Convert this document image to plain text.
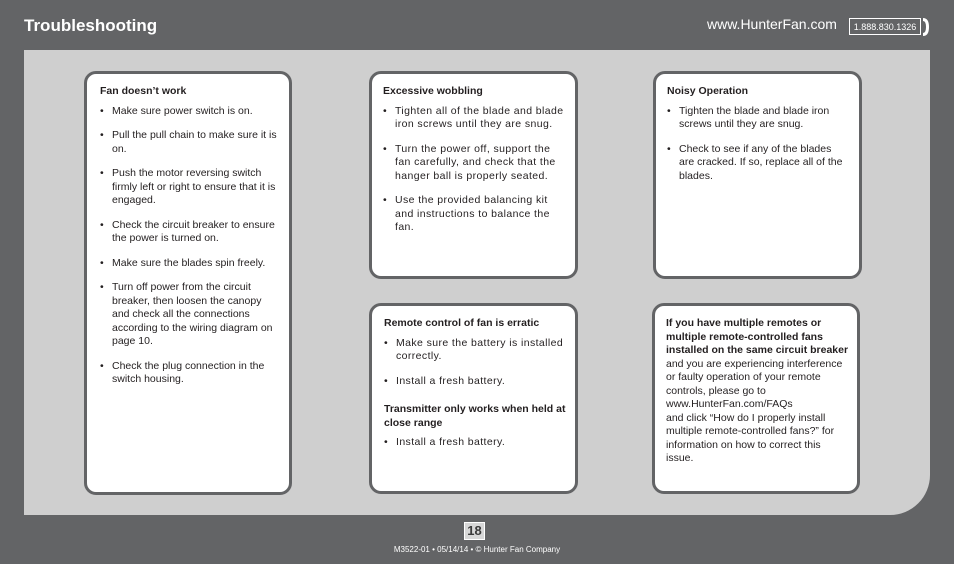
Troubleshooting	www.HunterFan.com	1.888.830.1326
Fan doesn’t work
• Make sure power switch is on.
• Pull the pull chain to make sure it is on.
• Push the motor reversing switch firmly left or right to ensure that it is engaged.
• Check the circuit breaker to ensure the power is turned on.
• Make sure the blades spin freely.
• Turn off power from the circuit breaker, then loosen the canopy and check all the connections according to the wiring diagram on page 10.
• Check the plug connection in the switch housing.
Excessive wobbling
• Tighten all of the blade and blade iron screws until they are snug.
• Turn the power off, support the fan carefully, and check that the hanger ball is properly seated.
• Use the provided balancing kit and instructions to balance the fan.
Noisy Operation
• Tighten the blade and blade iron screws until they are snug.
• Check to see if any of the blades are cracked. If so, replace all of the blades.
Remote control of fan is erratic
• Make sure the battery is installed correctly.
• Install a fresh battery.
Transmitter only works when held at close range
• Install a fresh battery.

If you have multiple remotes or multiple remote-controlled fans installed on the same circuit breaker and you are experiencing interference or faulty operation of your remote controls, please go to
www.HunterFan.com/FAQs
and click “How do I properly install multiple remote-controlled fans?” for information on how to correct this issue.

18
M3522-01 • 05/14/14 • © Hunter Fan Company
